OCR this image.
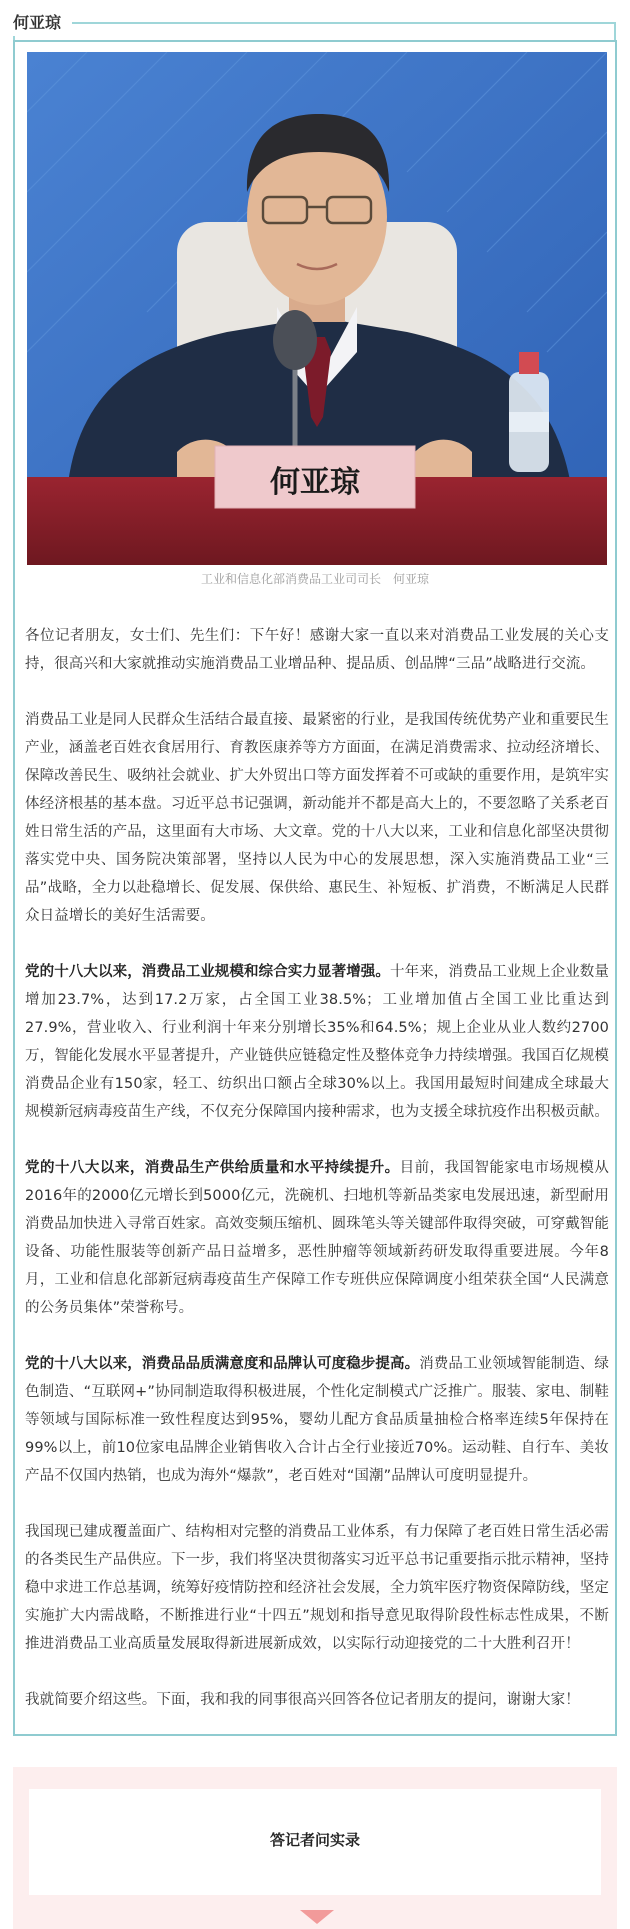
何亚琼
何亚琼
工业和信息化部消费品工业司司长　何亚琼

各位记者朋友，女士们、先生们：下午好！感谢大家一直以来对消费品工业发展的关心支持，很高兴和大家就推动实施消费品工业增品种、提品质、创品牌“三品”战略进行交流。

消费品工业是同人民群众生活结合最直接、最紧密的行业，是我国传统优势产业和重要民生产业，涵盖老百姓衣食居用行、育教医康养等方方面面，在满足消费需求、拉动经济增长、保障改善民生、吸纳社会就业、扩大外贸出口等方面发挥着不可或缺的重要作用，是筑牢实体经济根基的基本盘。习近平总书记强调，新动能并不都是高大上的，不要忽略了关系老百姓日常生活的产品，这里面有大市场、大文章。党的十八大以来，工业和信息化部坚决贯彻落实党中央、国务院决策部署，坚持以人民为中心的发展思想，深入实施消费品工业“三品”战略，全力以赴稳增长、促发展、保供给、惠民生、补短板、扩消费，不断满足人民群众日益增长的美好生活需要。

党的十八大以来，消费品工业规模和综合实力显著增强。十年来，消费品工业规上企业数量增加23.7%，达到17.2万家，占全国工业38.5%；工业增加值占全国工业比重达到27.9%，营业收入、行业利润十年来分别增长35%和64.5%；规上企业从业人数约2700万，智能化发展水平显著提升，产业链供应链稳定性及整体竞争力持续增强。我国百亿规模消费品企业有150家，轻工、纺织出口额占全球30%以上。我国用最短时间建成全球最大规模新冠病毒疫苗生产线，不仅充分保障国内接种需求，也为支援全球抗疫作出积极贡献。

党的十八大以来，消费品生产供给质量和水平持续提升。目前，我国智能家电市场规模从2016年的2000亿元增长到5000亿元，洗碗机、扫地机等新品类家电发展迅速，新型耐用消费品加快进入寻常百姓家。高效变频压缩机、圆珠笔头等关键部件取得突破，可穿戴智能设备、功能性服装等创新产品日益增多，恶性肿瘤等领域新药研发取得重要进展。今年8月，工业和信息化部新冠病毒疫苗生产保障工作专班供应保障调度小组荣获全国“人民满意的公务员集体”荣誉称号。

党的十八大以来，消费品品质满意度和品牌认可度稳步提高。消费品工业领域智能制造、绿色制造、“互联网+”协同制造取得积极进展，个性化定制模式广泛推广。服装、家电、制鞋等领域与国际标准一致性程度达到95%，婴幼儿配方食品质量抽检合格率连续5年保持在99%以上，前10位家电品牌企业销售收入合计占全行业接近70%。运动鞋、自行车、美妆产品不仅国内热销，也成为海外“爆款”，老百姓对“国潮”品牌认可度明显提升。

我国现已建成覆盖面广、结构相对完整的消费品工业体系，有力保障了老百姓日常生活必需的各类民生产品供应。下一步，我们将坚决贯彻落实习近平总书记重要指示批示精神，坚持稳中求进工作总基调，统筹好疫情防控和经济社会发展，全力筑牢医疗物资保障防线，坚定实施扩大内需战略，不断推进行业“十四五”规划和指导意见取得阶段性标志性成果，不断推进消费品工业高质量发展取得新进展新成效，以实际行动迎接党的二十大胜利召开！

我就简要介绍这些。下面，我和我的同事很高兴回答各位记者朋友的提问，谢谢大家！

答记者问实录
